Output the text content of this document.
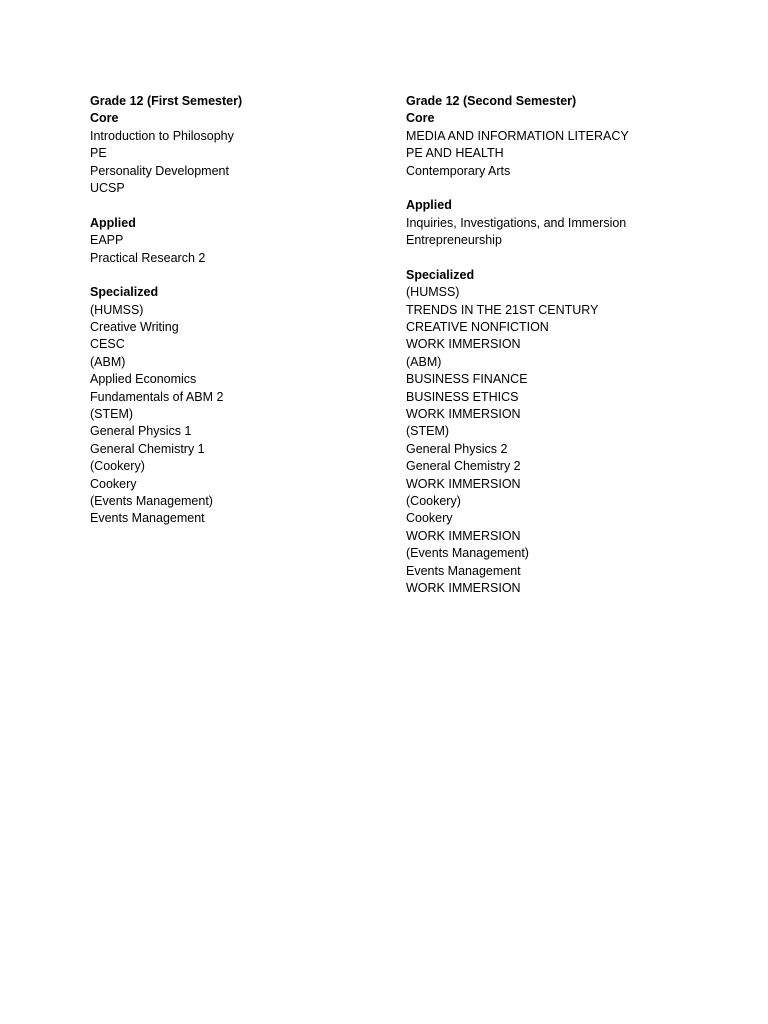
Grade 12 (First Semester)
Core
Introduction to Philosophy
PE
Personality Development
UCSP
Applied
EAPP
Practical Research 2
Specialized
(HUMSS)
Creative Writing
CESC
(ABM)
Applied Economics
Fundamentals of ABM 2
(STEM)
General Physics 1
General Chemistry 1
(Cookery)
Cookery
(Events Management)
Events Management
Grade 12 (Second Semester)
Core
MEDIA AND INFORMATION LITERACY
PE AND HEALTH
Contemporary Arts
Applied
Inquiries, Investigations, and Immersion
Entrepreneurship
Specialized
(HUMSS)
TRENDS IN THE 21ST CENTURY
CREATIVE NONFICTION
WORK IMMERSION
(ABM)
BUSINESS FINANCE
BUSINESS ETHICS
WORK IMMERSION
(STEM)
General Physics 2
General Chemistry 2
WORK IMMERSION
(Cookery)
Cookery
WORK IMMERSION
(Events Management)
Events Management
WORK IMMERSION
